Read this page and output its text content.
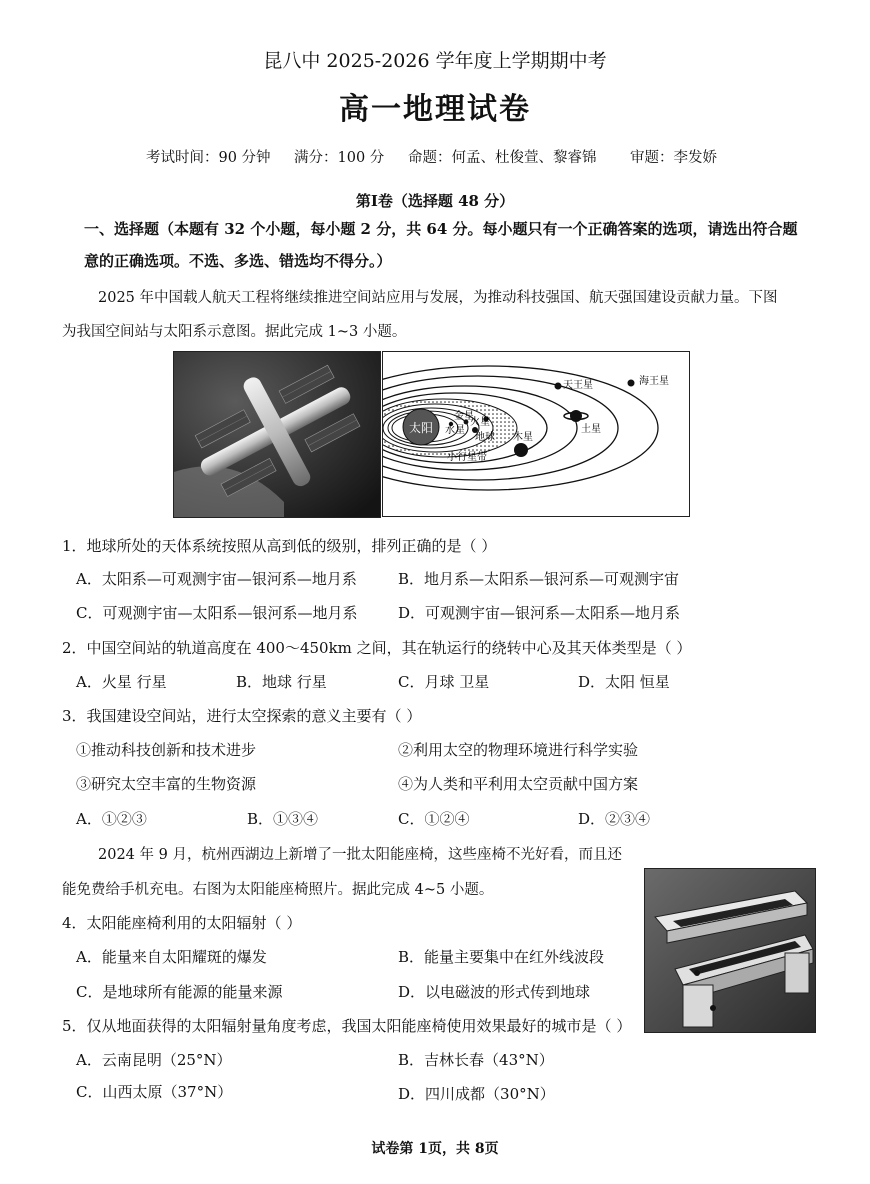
昆八中 2025-2026 学年度上学期期中考
高一地理试卷
考试时间：90 分钟 满分：100 分 命题：何孟、杜俊萱、黎睿锦 审题：李发娇
第I卷（选择题 48 分）
一、选择题（本题有 32 个小题，每小题 2 分，共 64 分。每小题只有一个正确答案的选项，请选出符合题
意的正确选项。不选、多选、错选均不得分。）
2025 年中国载人航天工程将继续推进空间站应用与发展，为推动科技强国、航天强国建设贡献力量。下图
为我国空间站与太阳系示意图。据此完成 1~3 小题。
太阳 水星
金星
地球
火星
小行星带
木星
土星
天王星	海王星
1．地球所处的天体系统按照从高到低的级别，排列正确的是（ ）
A．太阳系—可观测宇宙—银河系—地月系	B．地月系—太阳系—银河系—可观测宇宙
C．可观测宇宙—太阳系—银河系—地月系	D．可观测宇宙—银河系—太阳系—地月系
2．中国空间站的轨道高度在 400～450km 之间，其在轨运行的绕转中心及其天体类型是（ ）
A．火星 行星	B．地球 行星	C．月球 卫星	D．太阳 恒星
3．我国建设空间站，进行太空探索的意义主要有（ ）
①推动科技创新和技术进步	②利用太空的物理环境进行科学实验
③研究太空丰富的生物资源	④为人类和平利用太空贡献中国方案
A．①②③	B．①③④	C．①②④	D．②③④
2024 年 9 月，杭州西湖边上新增了一批太阳能座椅，这些座椅不光好看，而且还
能免费给手机充电。右图为太阳能座椅照片。据此完成 4~5 小题。
4．太阳能座椅利用的太阳辐射（ ）
A．能量来自太阳耀斑的爆发	B．能量主要集中在红外线波段
C．是地球所有能源的能量来源	D．以电磁波的形式传到地球
5．仅从地面获得的太阳辐射量角度考虑，我国太阳能座椅使用效果最好的城市是（ ）
A．云南昆明（25°N）	B．吉林长春（43°N）
C．山西太原（37°N）	D．四川成都（30°N）
试卷第 1页，共 8页
